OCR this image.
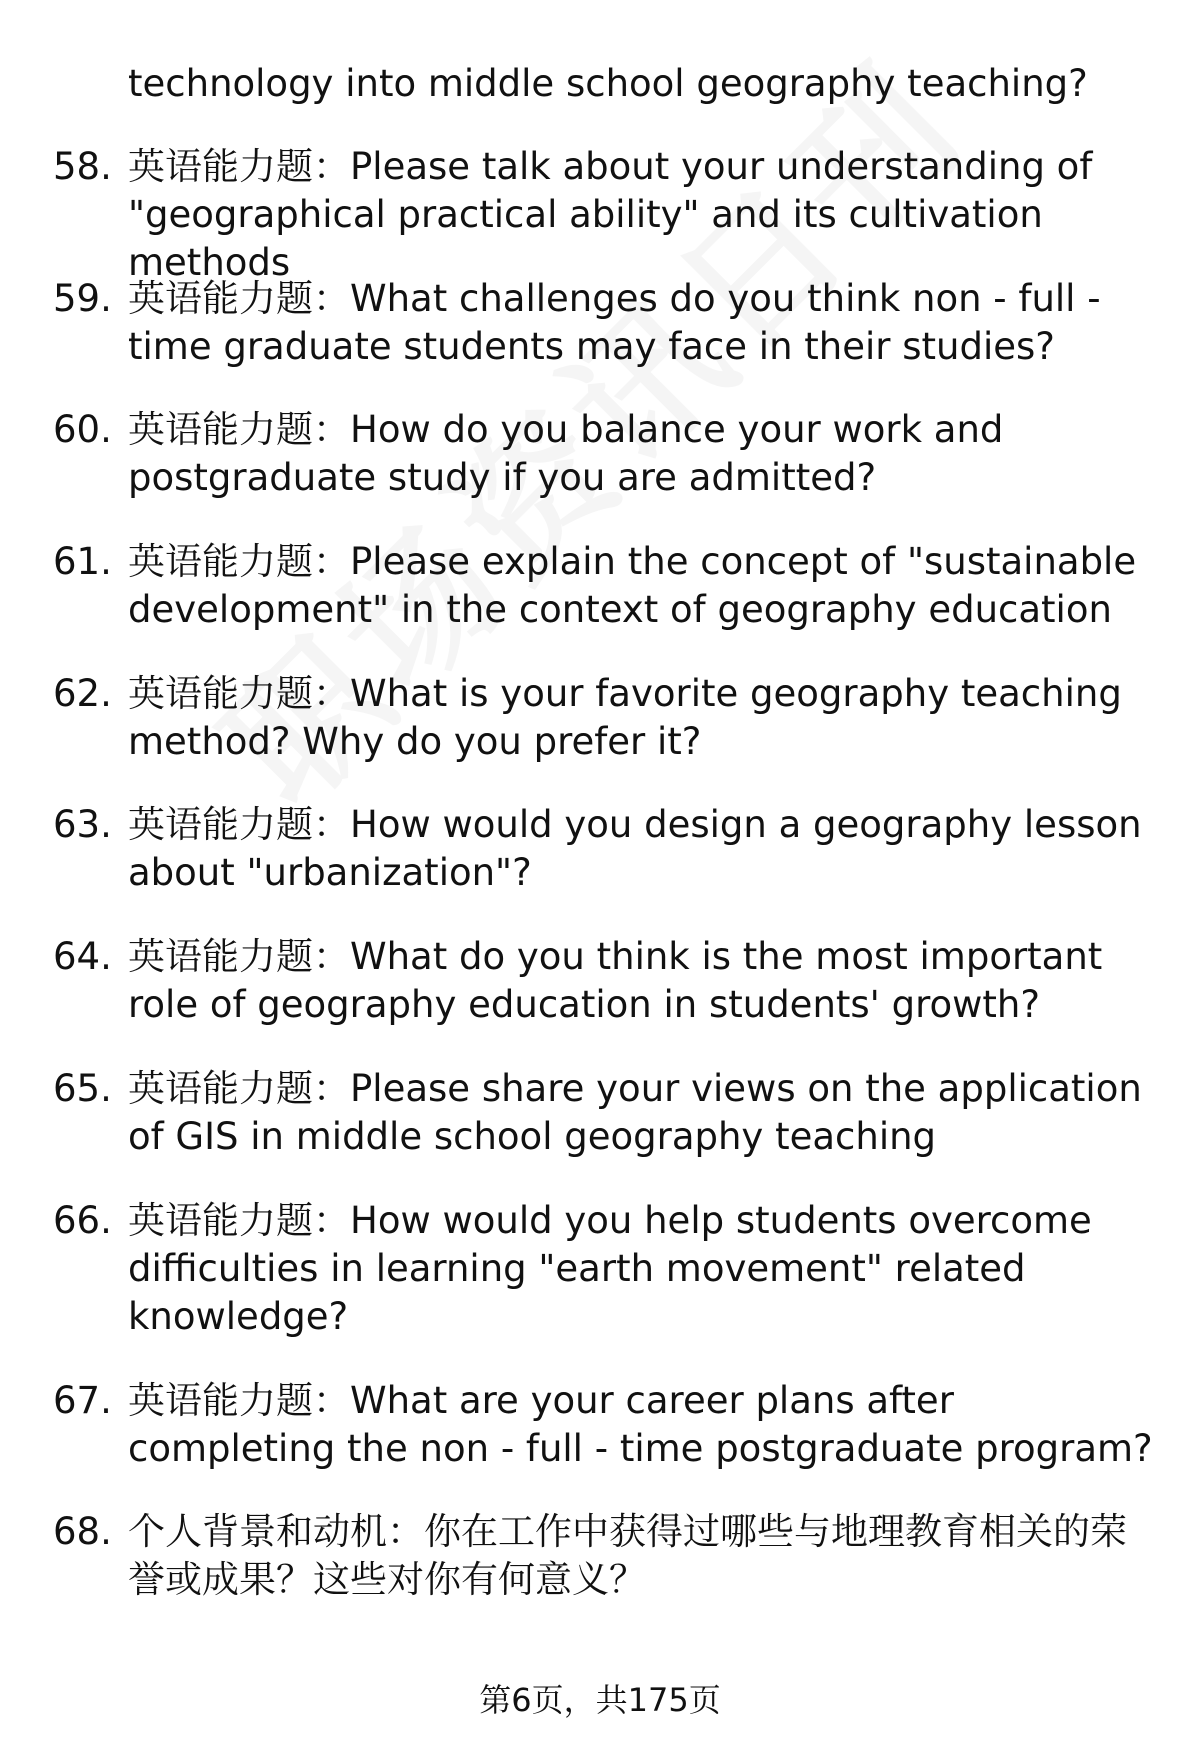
technology into middle school geography teaching?
58. 英语能力题：Please talk about your understanding of "geographical practical ability" and its cultivation methods
59. 英语能力题：What challenges do you think non - full - time graduate students may face in their studies?
60. 英语能力题：How do you balance your work and postgraduate study if you are admitted?
61. 英语能力题：Please explain the concept of "sustainable development" in the context of geography education
62. 英语能力题：What is your favorite geography teaching method? Why do you prefer it?
63. 英语能力题：How would you design a geography lesson about "urbanization"?
64. 英语能力题：What do you think is the most important role of geography education in students' growth?
65. 英语能力题：Please share your views on the application of GIS in middle school geography teaching
66. 英语能力题：How would you help students overcome difficulties in learning "earth movement" related knowledge?
67. 英语能力题：What are your career plans after completing the non - full - time postgraduate program?
68. 个人背景和动机：你在工作中获得过哪些与地理教育相关的荣誉或成果？这些对你有何意义？
第6页，共175页
